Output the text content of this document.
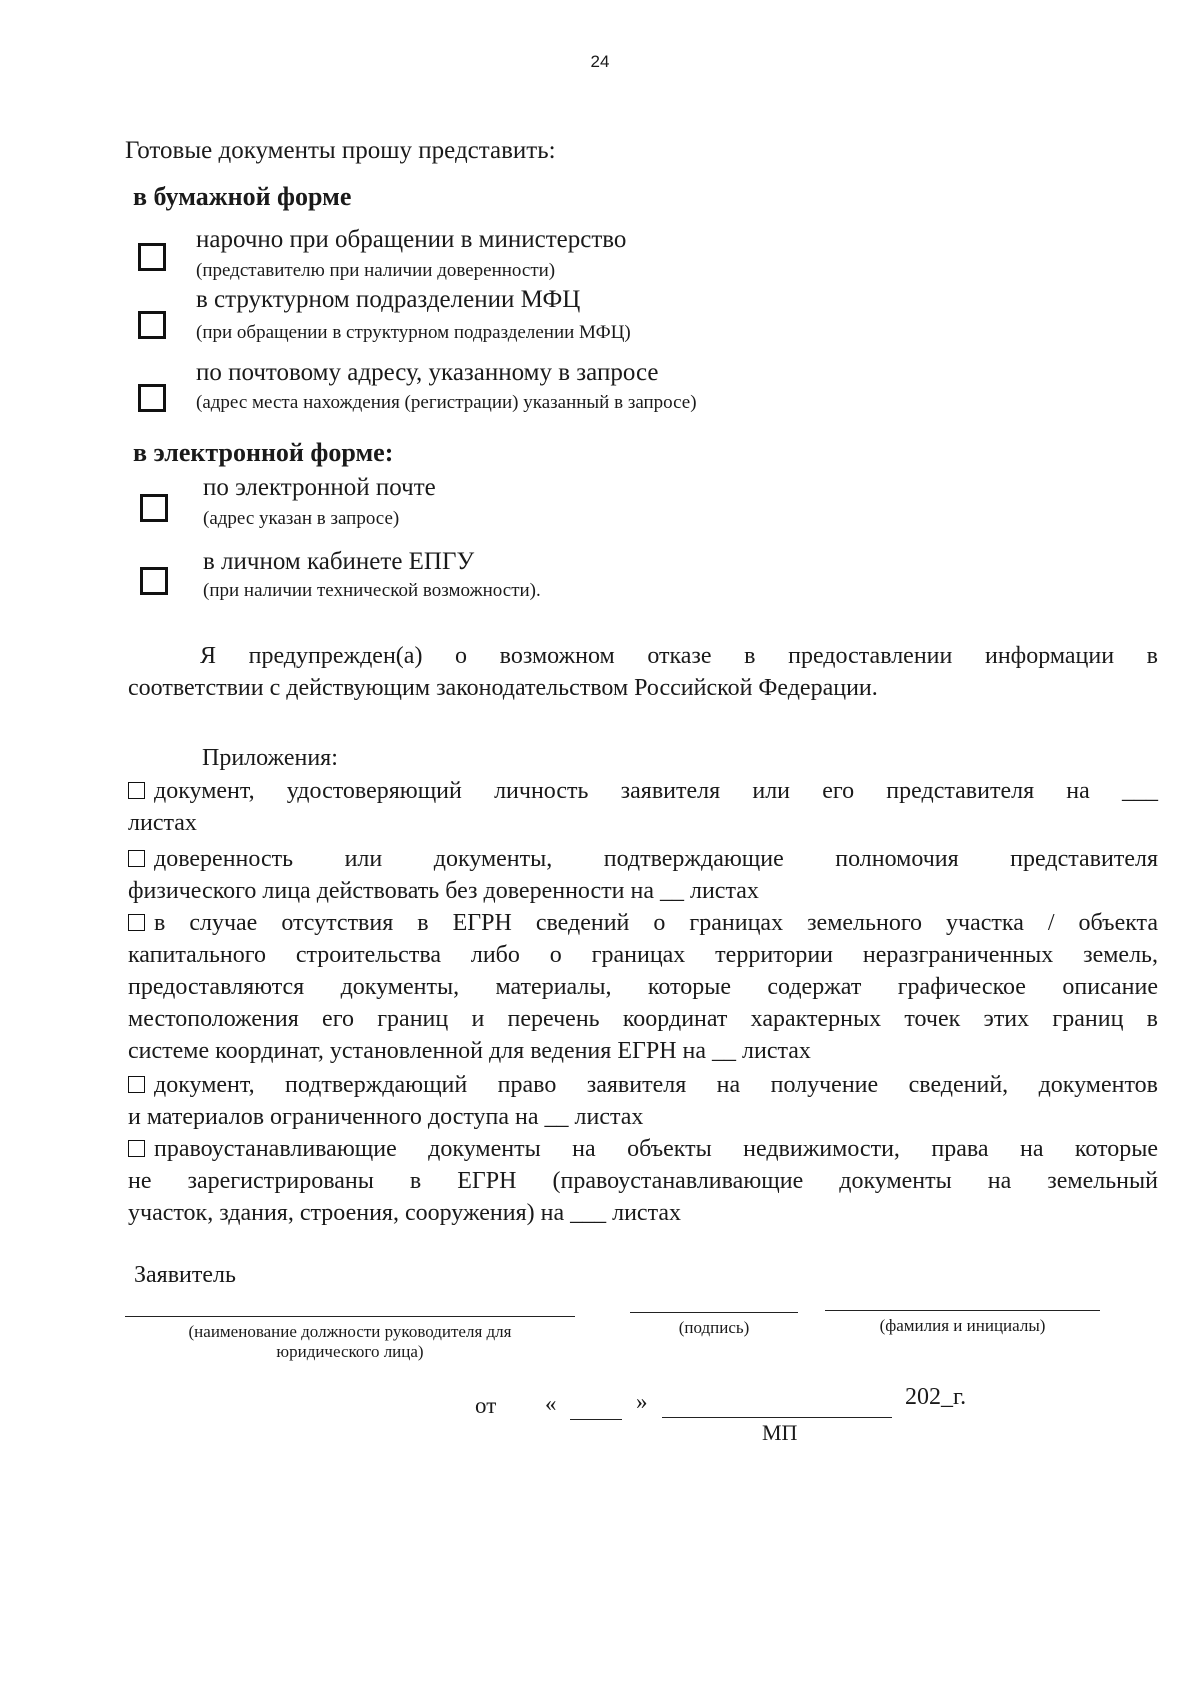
24
Готовые документы прошу представить:
в бумажной форме
нарочно при обращении в министерство
(представителю при наличии доверенности)
в структурном подразделении МФЦ
(при обращении в структурном подразделении МФЦ)
по почтовому адресу, указанному в запросе
(адрес места нахождения (регистрации) указанный в запросе)
в электронной форме:
по электронной почте
(адрес указан в запросе)
в личном кабинете ЕПГУ
(при наличии технической возможности).
Я предупрежден(а) о возможном отказе в предоставлении информации в
соответствии с действующим законодательством Российской Федерации.
Приложения:
документ, удостоверяющий личность заявителя или его представителя на ___
листах
доверенность или документы, подтверждающие полномочия представителя
физического лица действовать без доверенности на __ листах
в случае отсутствия в ЕГРН сведений о границах земельного участка / объекта
капитального строительства либо о границах территории неразграниченных земель,
предоставляются документы, материалы, которые содержат графическое описание
местоположения его границ и перечень координат характерных точек этих границ в
системе координат, установленной для ведения ЕГРН на __ листах
документ, подтверждающий право заявителя на получение сведений, документов
и материалов ограниченного доступа на __ листах
правоустанавливающие документы на объекты недвижимости, права на которые
не зарегистрированы в ЕГРН (правоустанавливающие документы на земельный
участок, здания, строения, сооружения) на ___ листах
Заявитель
(наименование должности руководителя для
юридического лица)
(подпись)	(фамилия и инициалы)
от «	»	202_г.
МП
